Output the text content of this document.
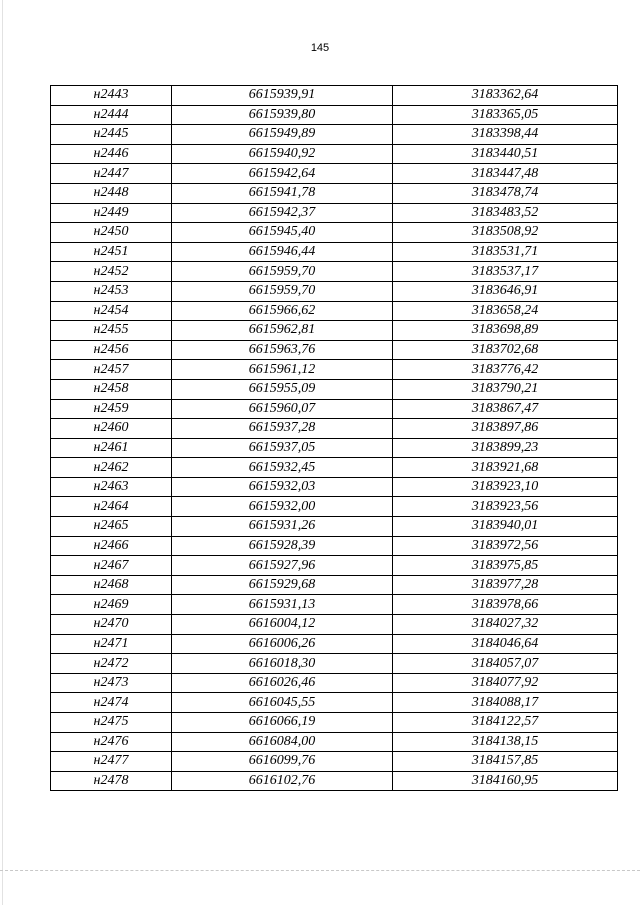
145
н2443	6615939,91	3183362,64
н2444	6615939,80	3183365,05
н2445	6615949,89	3183398,44
н2446	6615940,92	3183440,51
н2447	6615942,64	3183447,48
н2448	6615941,78	3183478,74
н2449	6615942,37	3183483,52
н2450	6615945,40	3183508,92
н2451	6615946,44	3183531,71
н2452	6615959,70	3183537,17
н2453	6615959,70	3183646,91
н2454	6615966,62	3183658,24
н2455	6615962,81	3183698,89
н2456	6615963,76	3183702,68
н2457	6615961,12	3183776,42
н2458	6615955,09	3183790,21
н2459	6615960,07	3183867,47
н2460	6615937,28	3183897,86
н2461	6615937,05	3183899,23
н2462	6615932,45	3183921,68
н2463	6615932,03	3183923,10
н2464	6615932,00	3183923,56
н2465	6615931,26	3183940,01
н2466	6615928,39	3183972,56
н2467	6615927,96	3183975,85
н2468	6615929,68	3183977,28
н2469	6615931,13	3183978,66
н2470	6616004,12	3184027,32
н2471	6616006,26	3184046,64
н2472	6616018,30	3184057,07
н2473	6616026,46	3184077,92
н2474	6616045,55	3184088,17
н2475	6616066,19	3184122,57
н2476	6616084,00	3184138,15
н2477	6616099,76	3184157,85
н2478	6616102,76	3184160,95
